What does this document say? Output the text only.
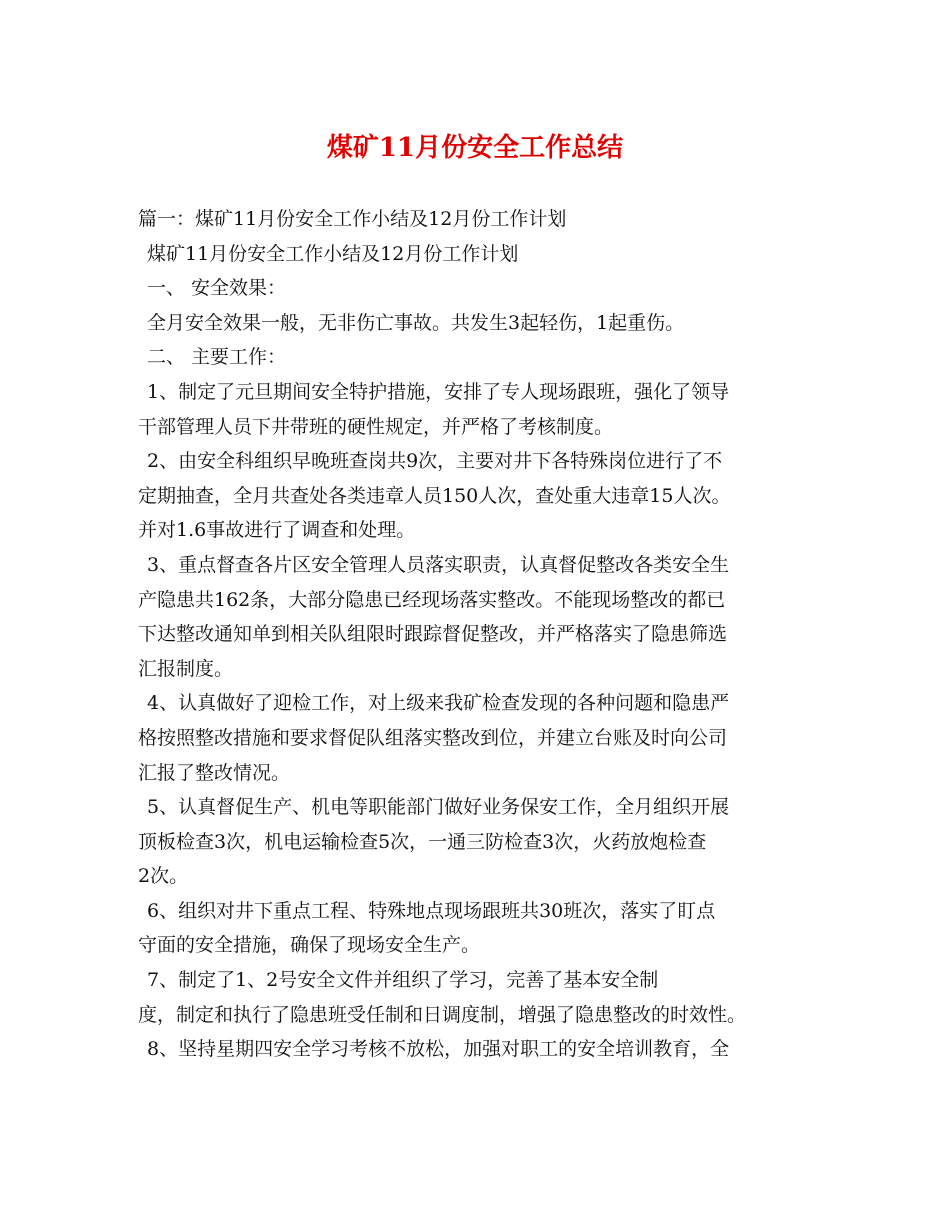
煤矿11月份安全工作总结
篇一：煤矿11月份安全工作小结及12月份工作计划
煤矿11月份安全工作小结及12月份工作计划
一、 安全效果：
全月安全效果一般，无非伤亡事故。共发生3起轻伤，1起重伤。
二、 主要工作：
1、制定了元旦期间安全特护措施，安排了专人现场跟班，强化了领导
干部管理人员下井带班的硬性规定，并严格了考核制度。
2、由安全科组织早晚班查岗共9次，主要对井下各特殊岗位进行了不
定期抽查，全月共查处各类违章人员150人次，查处重大违章15人次。
并对1.6事故进行了调查和处理。
3、重点督查各片区安全管理人员落实职责，认真督促整改各类安全生
产隐患共162条，大部分隐患已经现场落实整改。不能现场整改的都已
下达整改通知单到相关队组限时跟踪督促整改，并严格落实了隐患筛选
汇报制度。
4、认真做好了迎检工作，对上级来我矿检查发现的各种问题和隐患严
格按照整改措施和要求督促队组落实整改到位，并建立台账及时向公司
汇报了整改情况。
5、认真督促生产、机电等职能部门做好业务保安工作，全月组织开展
顶板检查3次，机电运输检查5次，一通三防检查3次，火药放炮检查
2次。
6、组织对井下重点工程、特殊地点现场跟班共30班次，落实了盯点
守面的安全措施，确保了现场安全生产。
7、制定了1、2号安全文件并组织了学习，完善了基本安全制
度，制定和执行了隐患班受任制和日调度制，增强了隐患整改的时效性。
8、坚持星期四安全学习考核不放松，加强对职工的安全培训教育，全
